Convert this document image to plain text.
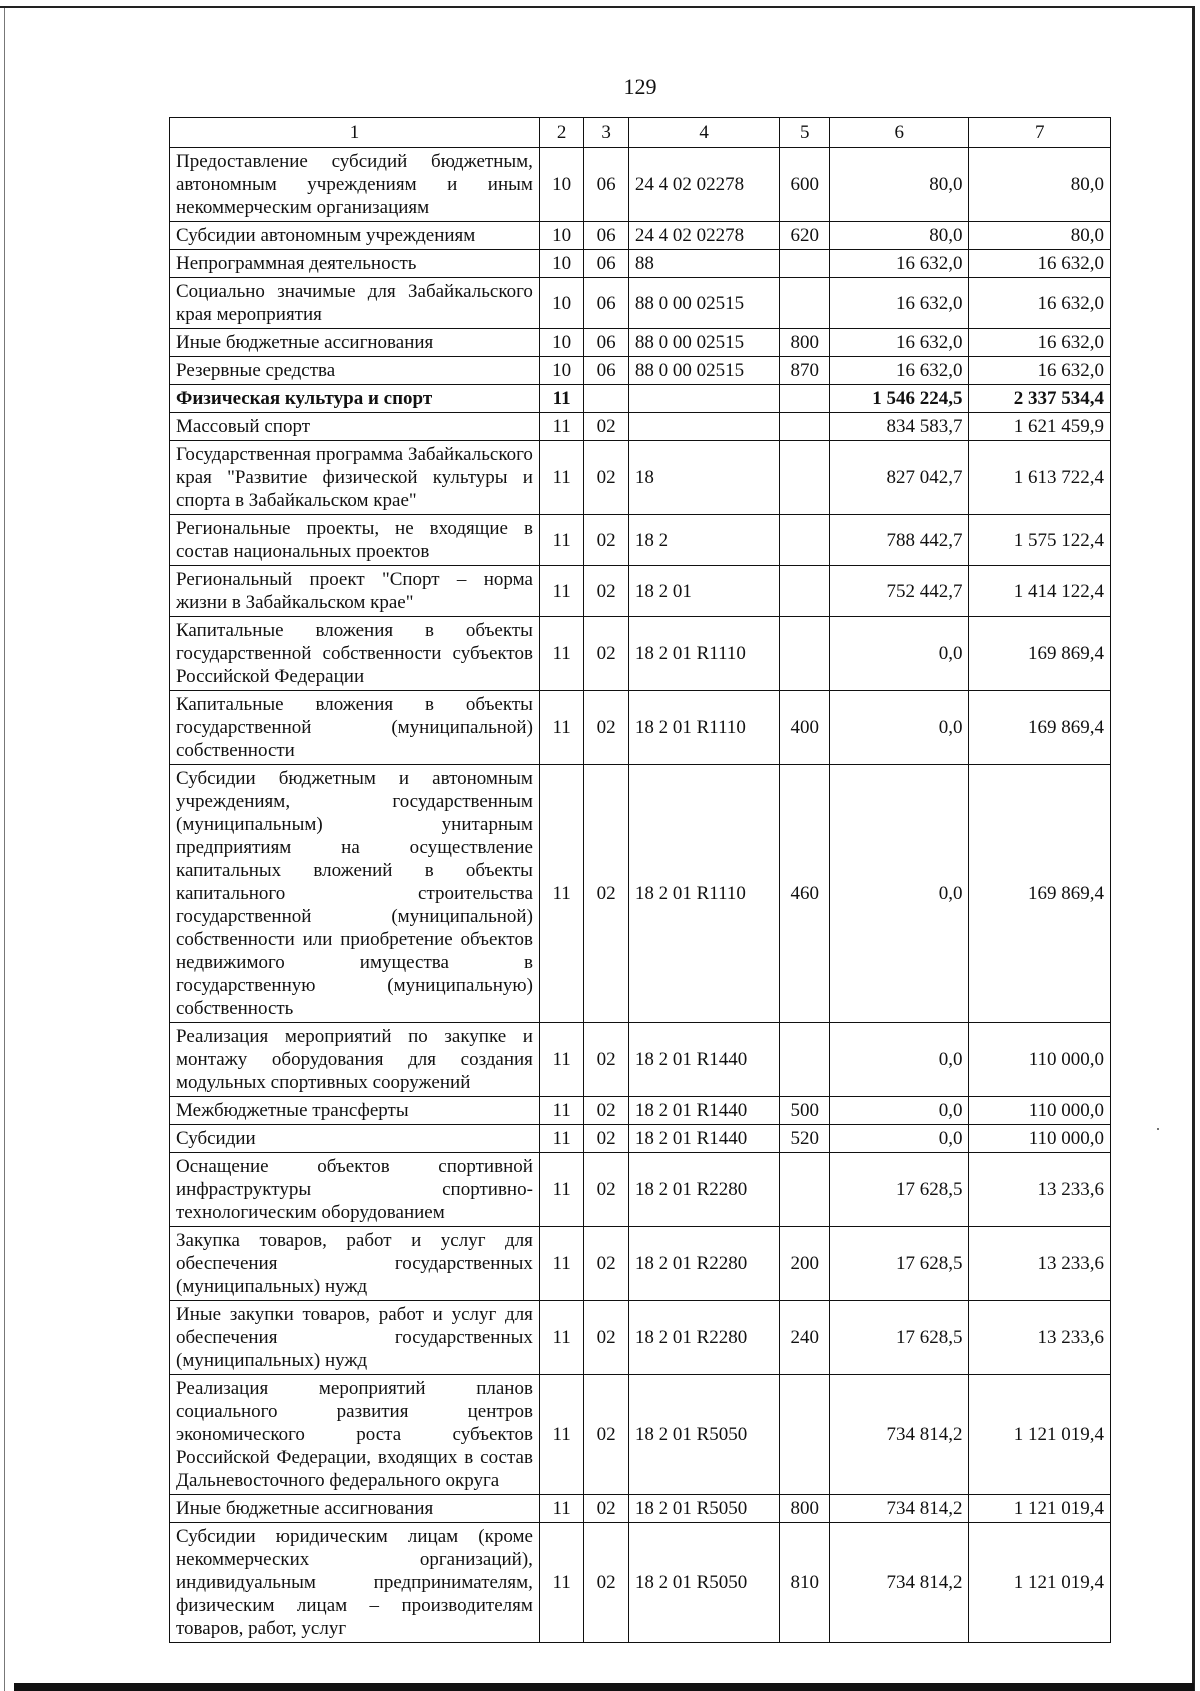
129
1	2	3	4	5	6	7
Предоставление субсидий бюджетным, автономным учреждениям и иным некоммерческим организациям	10	06	24 4 02 02278	600	80,0	80,0
Субсидии автономным учреждениям	10	06	24 4 02 02278	620	80,0	80,0
Непрограммная деятельность	10	06	88		16 632,0	16 632,0
Социально значимые для Забайкальского края мероприятия	10	06	88 0 00 02515		16 632,0	16 632,0
Иные бюджетные ассигнования	10	06	88 0 00 02515	800	16 632,0	16 632,0
Резервные средства	10	06	88 0 00 02515	870	16 632,0	16 632,0
Физическая культура и спорт	11				1 546 224,5	2 337 534,4
Массовый спорт	11	02			834 583,7	1 621 459,9
Государственная программа Забайкальского края "Развитие физической культуры и спорта в Забайкальском крае"	11	02	18		827 042,7	1 613 722,4
Региональные проекты, не входящие в состав национальных проектов	11	02	18 2		788 442,7	1 575 122,4
Региональный проект "Спорт – норма жизни в Забайкальском крае"	11	02	18 2 01		752 442,7	1 414 122,4
Капитальные вложения в объекты государственной собственности субъектов Российской Федерации	11	02	18 2 01 R1110		0,0	169 869,4
Капитальные вложения в объекты государственной (муниципальной) собственности	11	02	18 2 01 R1110	400	0,0	169 869,4
Субсидии бюджетным и автономным учреждениям, государственным (муниципальным) унитарным предприятиям на осуществление капитальных вложений в объекты капитального строительства государственной (муниципальной) собственности или приобретение объектов недвижимого имущества в государственную (муниципальную) собственность	11	02	18 2 01 R1110	460	0,0	169 869,4
Реализация мероприятий по закупке и монтажу оборудования для создания модульных спортивных сооружений	11	02	18 2 01 R1440		0,0	110 000,0
Межбюджетные трансферты	11	02	18 2 01 R1440	500	0,0	110 000,0
Субсидии	11	02	18 2 01 R1440	520	0,0	110 000,0
Оснащение объектов спортивной инфраструктуры спортивно-технологическим оборудованием	11	02	18 2 01 R2280		17 628,5	13 233,6
Закупка товаров, работ и услуг для обеспечения государственных (муниципальных) нужд	11	02	18 2 01 R2280	200	17 628,5	13 233,6
Иные закупки товаров, работ и услуг для обеспечения государственных (муниципальных) нужд	11	02	18 2 01 R2280	240	17 628,5	13 233,6
Реализация мероприятий планов социального развития центров экономического роста субъектов Российской Федерации, входящих в состав Дальневосточного федерального округа	11	02	18 2 01 R5050		734 814,2	1 121 019,4
Иные бюджетные ассигнования	11	02	18 2 01 R5050	800	734 814,2	1 121 019,4
Субсидии юридическим лицам (кроме некоммерческих организаций), индивидуальным предпринимателям, физическим лицам – производителям товаров, работ, услуг	11	02	18 2 01 R5050	810	734 814,2	1 121 019,4
